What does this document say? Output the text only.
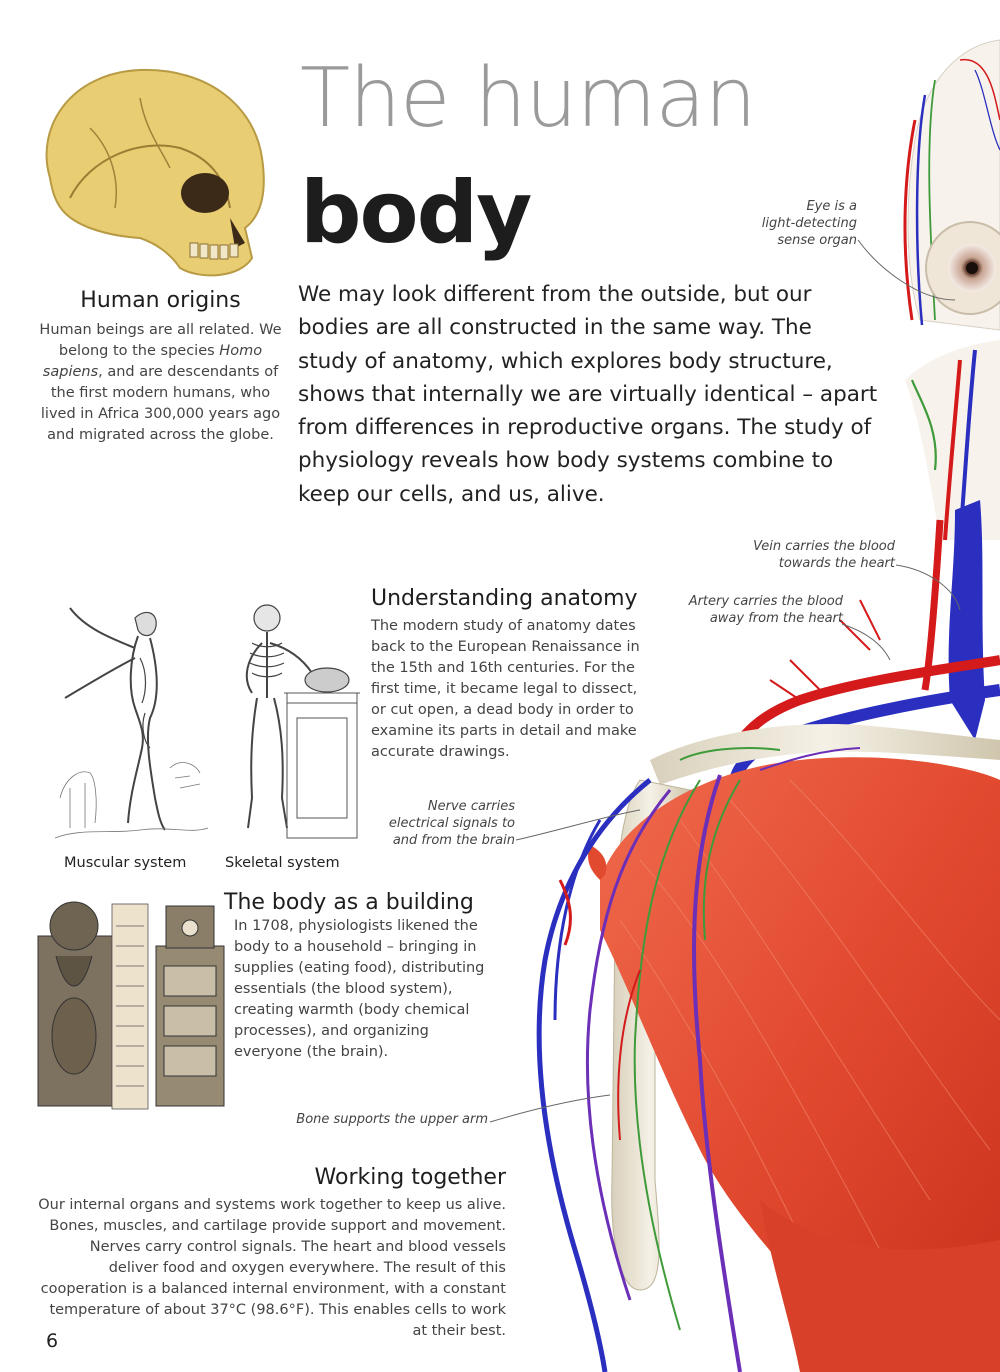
The human
body

We may look different from the outside, but our bodies are all constructed in the same way. The study of anatomy, which explores body structure, shows that internally we are virtually identical – apart from differences in reproductive organs. The study of physiology reveals how body systems combine to keep our cells, and us, alive.

Human origins
Human beings are all related. We belong to the species Homo sapiens, and are descendants of the first modern humans, who lived in Africa 300,000 years ago and migrated across the globe.
Understanding anatomy
The modern study of anatomy dates back to the European Renaissance in the 15th and 16th centuries. For the first time, it became legal to dissect, or cut open, a dead body in order to examine its parts in detail and make accurate drawings.
Muscular system	Skeletal system
The body as a building
In 1708, physiologists likened the body to a household – bringing in supplies (eating food), distributing essentials (the blood system), creating warmth (body chemical processes), and organizing everyone (the brain).
Working together
Our internal organs and systems work together to keep us alive. Bones, muscles, and cartilage provide support and movement. Nerves carry control signals. The heart and blood vessels deliver food and oxygen everywhere. The result of this cooperation is a balanced internal environment, with a constant temperature of about 37°C (98.6°F). This enables cells to work at their best.
Eye is a
light-detecting
sense organ
Vein carries the blood
towards the heart
Artery carries the blood
away from the heart
Nerve carries
electrical signals to
and from the brain
Bone supports the upper arm
6
